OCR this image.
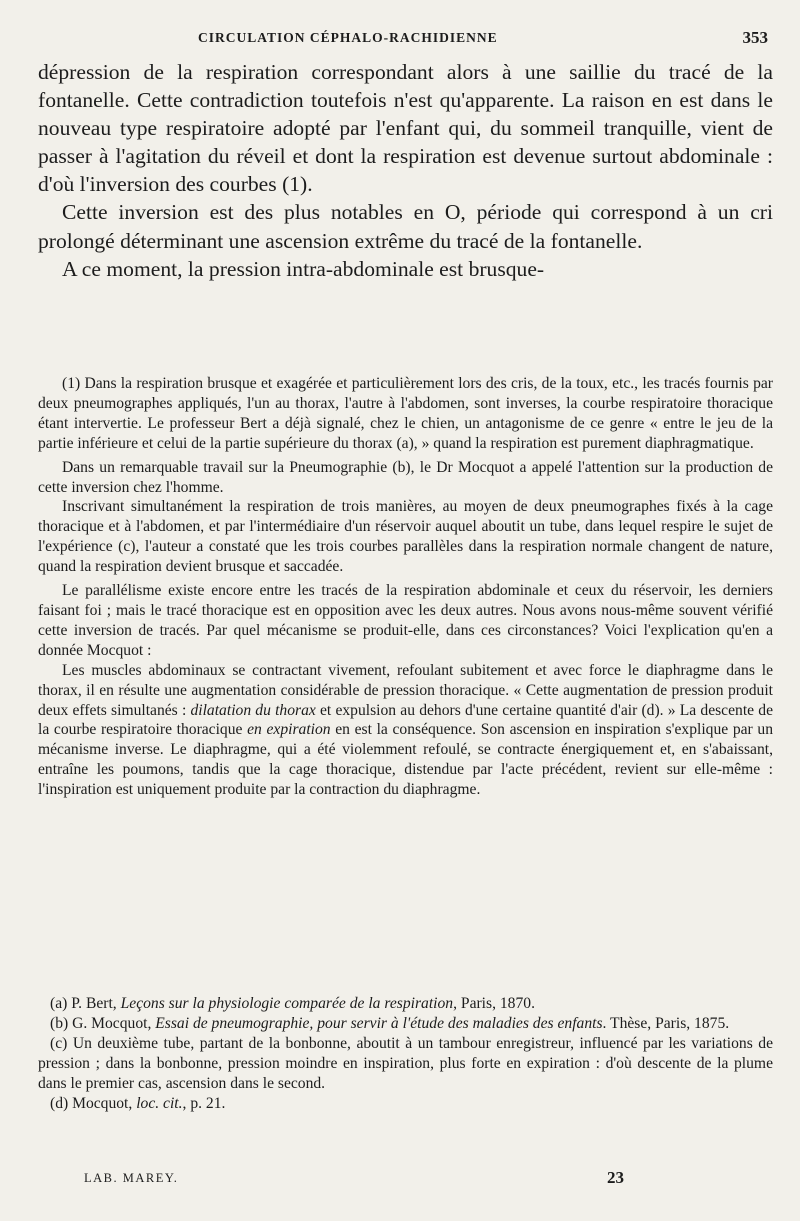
CIRCULATION CÉPHALO-RACHIDIENNE	353

dépression de la respiration correspondant alors à une saillie du tracé de la fontanelle. Cette contradiction toutefois n'est qu'apparente. La raison en est dans le nouveau type respiratoire adopté par l'enfant qui, du sommeil tranquille, vient de passer à l'agitation du réveil et dont la respiration est devenue surtout abdominale : d'où l'inversion des courbes (1).

Cette inversion est des plus notables en O, période qui correspond à un cri prolongé déterminant une ascension extrême du tracé de la fontanelle.

A ce moment, la pression intra-abdominale est brusque-

(1) Dans la respiration brusque et exagérée et particulièrement lors des cris, de la toux, etc., les tracés fournis par deux pneumographes appliqués, l'un au thorax, l'autre à l'abdomen, sont inverses, la courbe respiratoire thoracique étant intervertie. Le professeur Bert a déjà signalé, chez le chien, un antagonisme de ce genre « entre le jeu de la partie inférieure et celui de la partie supérieure du thorax (a), » quand la respiration est purement diaphragmatique.

Dans un remarquable travail sur la Pneumographie (b), le Dr Mocquot a appelé l'attention sur la production de cette inversion chez l'homme.

Inscrivant simultanément la respiration de trois manières, au moyen de deux pneumographes fixés à la cage thoracique et à l'abdomen, et par l'intermédiaire d'un réservoir auquel aboutit un tube, dans lequel respire le sujet de l'expérience (c), l'auteur a constaté que les trois courbes parallèles dans la respiration normale changent de nature, quand la respiration devient brusque et saccadée.

Le parallélisme existe encore entre les tracés de la respiration abdominale et ceux du réservoir, les derniers faisant foi ; mais le tracé thoracique est en opposition avec les deux autres. Nous avons nous-même souvent vérifié cette inversion de tracés. Par quel mécanisme se produit-elle, dans ces circonstances? Voici l'explication qu'en a donnée Mocquot :

Les muscles abdominaux se contractant vivement, refoulant subitement et avec force le diaphragme dans le thorax, il en résulte une augmentation considérable de pression thoracique. « Cette augmentation de pression produit deux effets simultanés : dilatation du thorax et expulsion au dehors d'une certaine quantité d'air (d). » La descente de la courbe respiratoire thoracique en expiration en est la conséquence. Son ascension en inspiration s'explique par un mécanisme inverse. Le diaphragme, qui a été violemment refoulé, se contracte énergiquement et, en s'abaissant, entraîne les poumons, tandis que la cage thoracique, distendue par l'acte précédent, revient sur elle-même : l'inspiration est uniquement produite par la contraction du diaphragme.

(a) P. Bert, Leçons sur la physiologie comparée de la respiration, Paris, 1870.

(b) G. Mocquot, Essai de pneumographie, pour servir à l'étude des maladies des enfants. Thèse, Paris, 1875.

(c) Un deuxième tube, partant de la bonbonne, aboutit à un tambour enregistreur, influencé par les variations de pression ; dans la bonbonne, pression moindre en inspiration, plus forte en expiration : d'où descente de la plume dans le premier cas, ascension dans le second.

(d) Mocquot, loc. cit., p. 21.

LAB. MAREY.	23
